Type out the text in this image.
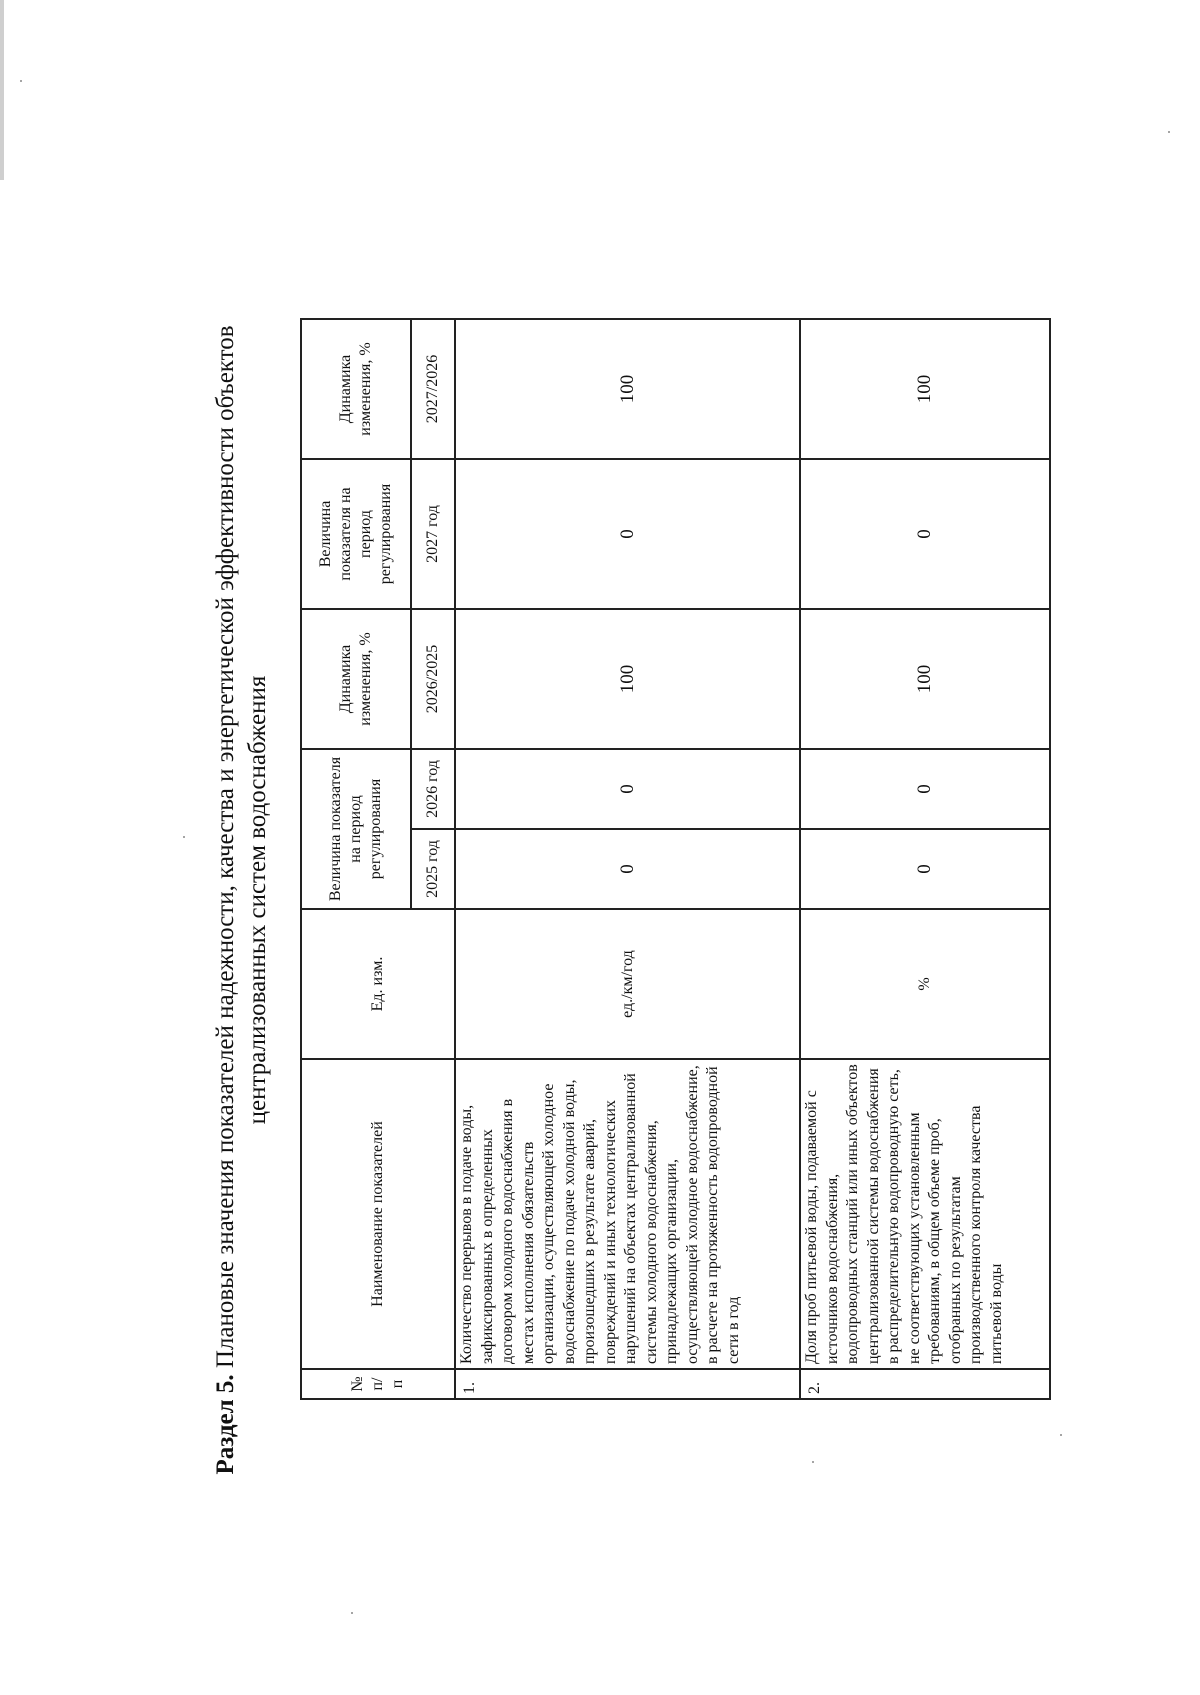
Раздел 5. Плановые значения показателей надежности, качества и энергетической эффективности объектов централизованных систем водоснабжения
№ п/п	Наименование показателей	Ед. изм.	Величина показателя на период регулирования		Динамика изменения, %	Величина показателя на период регулирования	Динамика изменения, %
			2025 год	2026 год	2026/2025	2027 год	2027/2026
1.	Количество перерывов в подаче воды, зафиксированных в определенных договором холодного водоснабжения в местах исполнения обязательств организации, осуществляющей холодное водоснабжение по подаче холодной воды, произошедших в результате аварий, повреждений и иных технологических нарушений на объектах централизованной системы холодного водоснабжения, принадлежащих организации, осуществляющей холодное водоснабжение, в расчете на протяженность водопроводной сети в год	ед./км/год	0	0	100	0	100
2.	Доля проб питьевой воды, подаваемой с источников водоснабжения, водопроводных станций или иных объектов централизованной системы водоснабжения в распределительную водопроводную сеть, не соответствующих установленным требованиям, в общем объеме проб, отобранных по результатам производственного контроля качества питьевой воды	%	0	0	100	0	100
